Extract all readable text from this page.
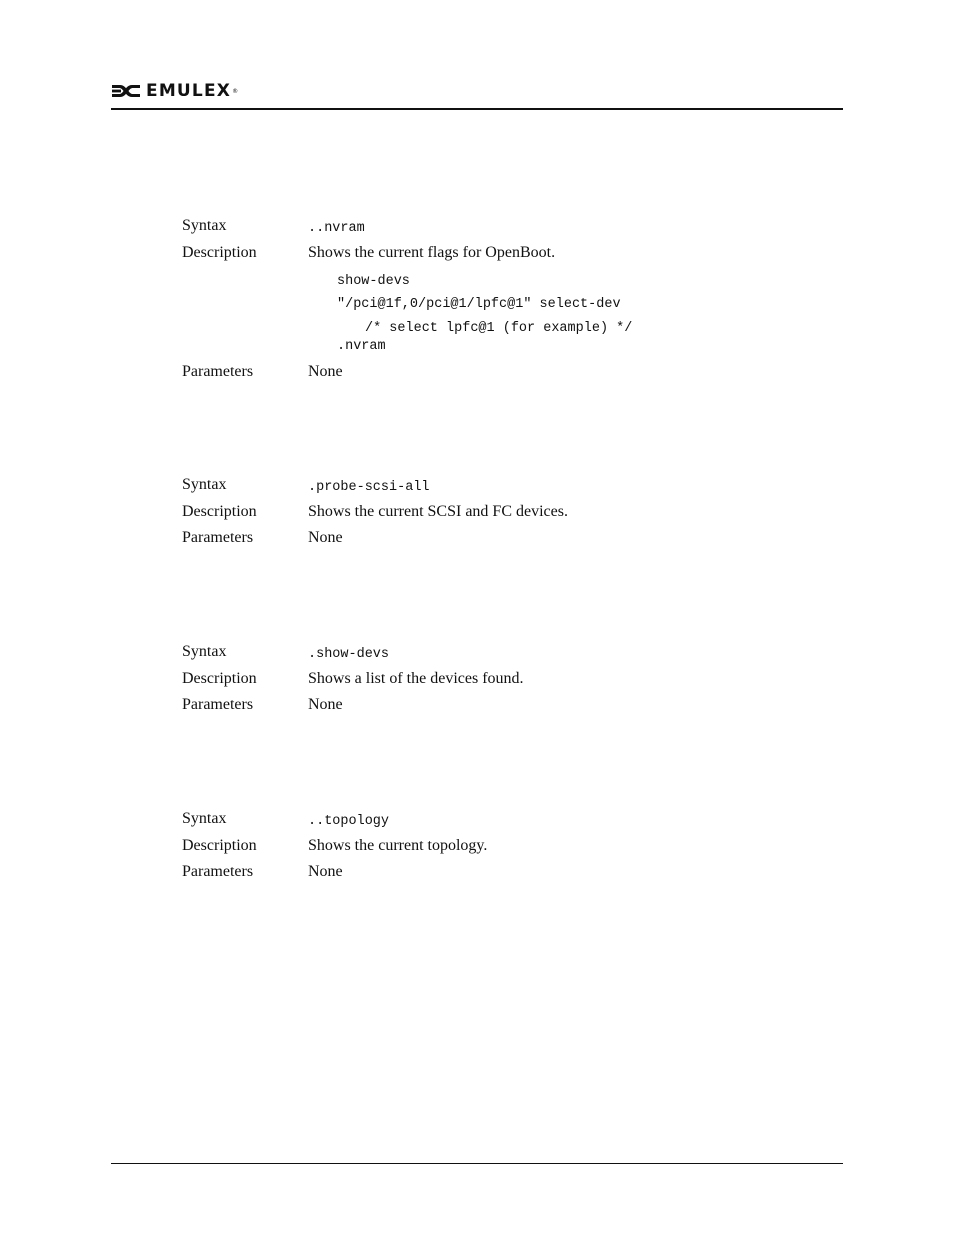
EMULEX ®
Syntax	..nvram
Description	Shows the current flags for OpenBoot.
show-devs
"/pci@1f,0/pci@1/lpfc@1" select-dev
/* select lpfc@1 (for example) */
.nvram
Parameters	None
Syntax	.probe-scsi-all
Description	Shows the current SCSI and FC devices.
Parameters	None
Syntax	.show-devs
Description	Shows a list of the devices found.
Parameters	None
Syntax	..topology
Description	Shows the current topology.
Parameters	None
